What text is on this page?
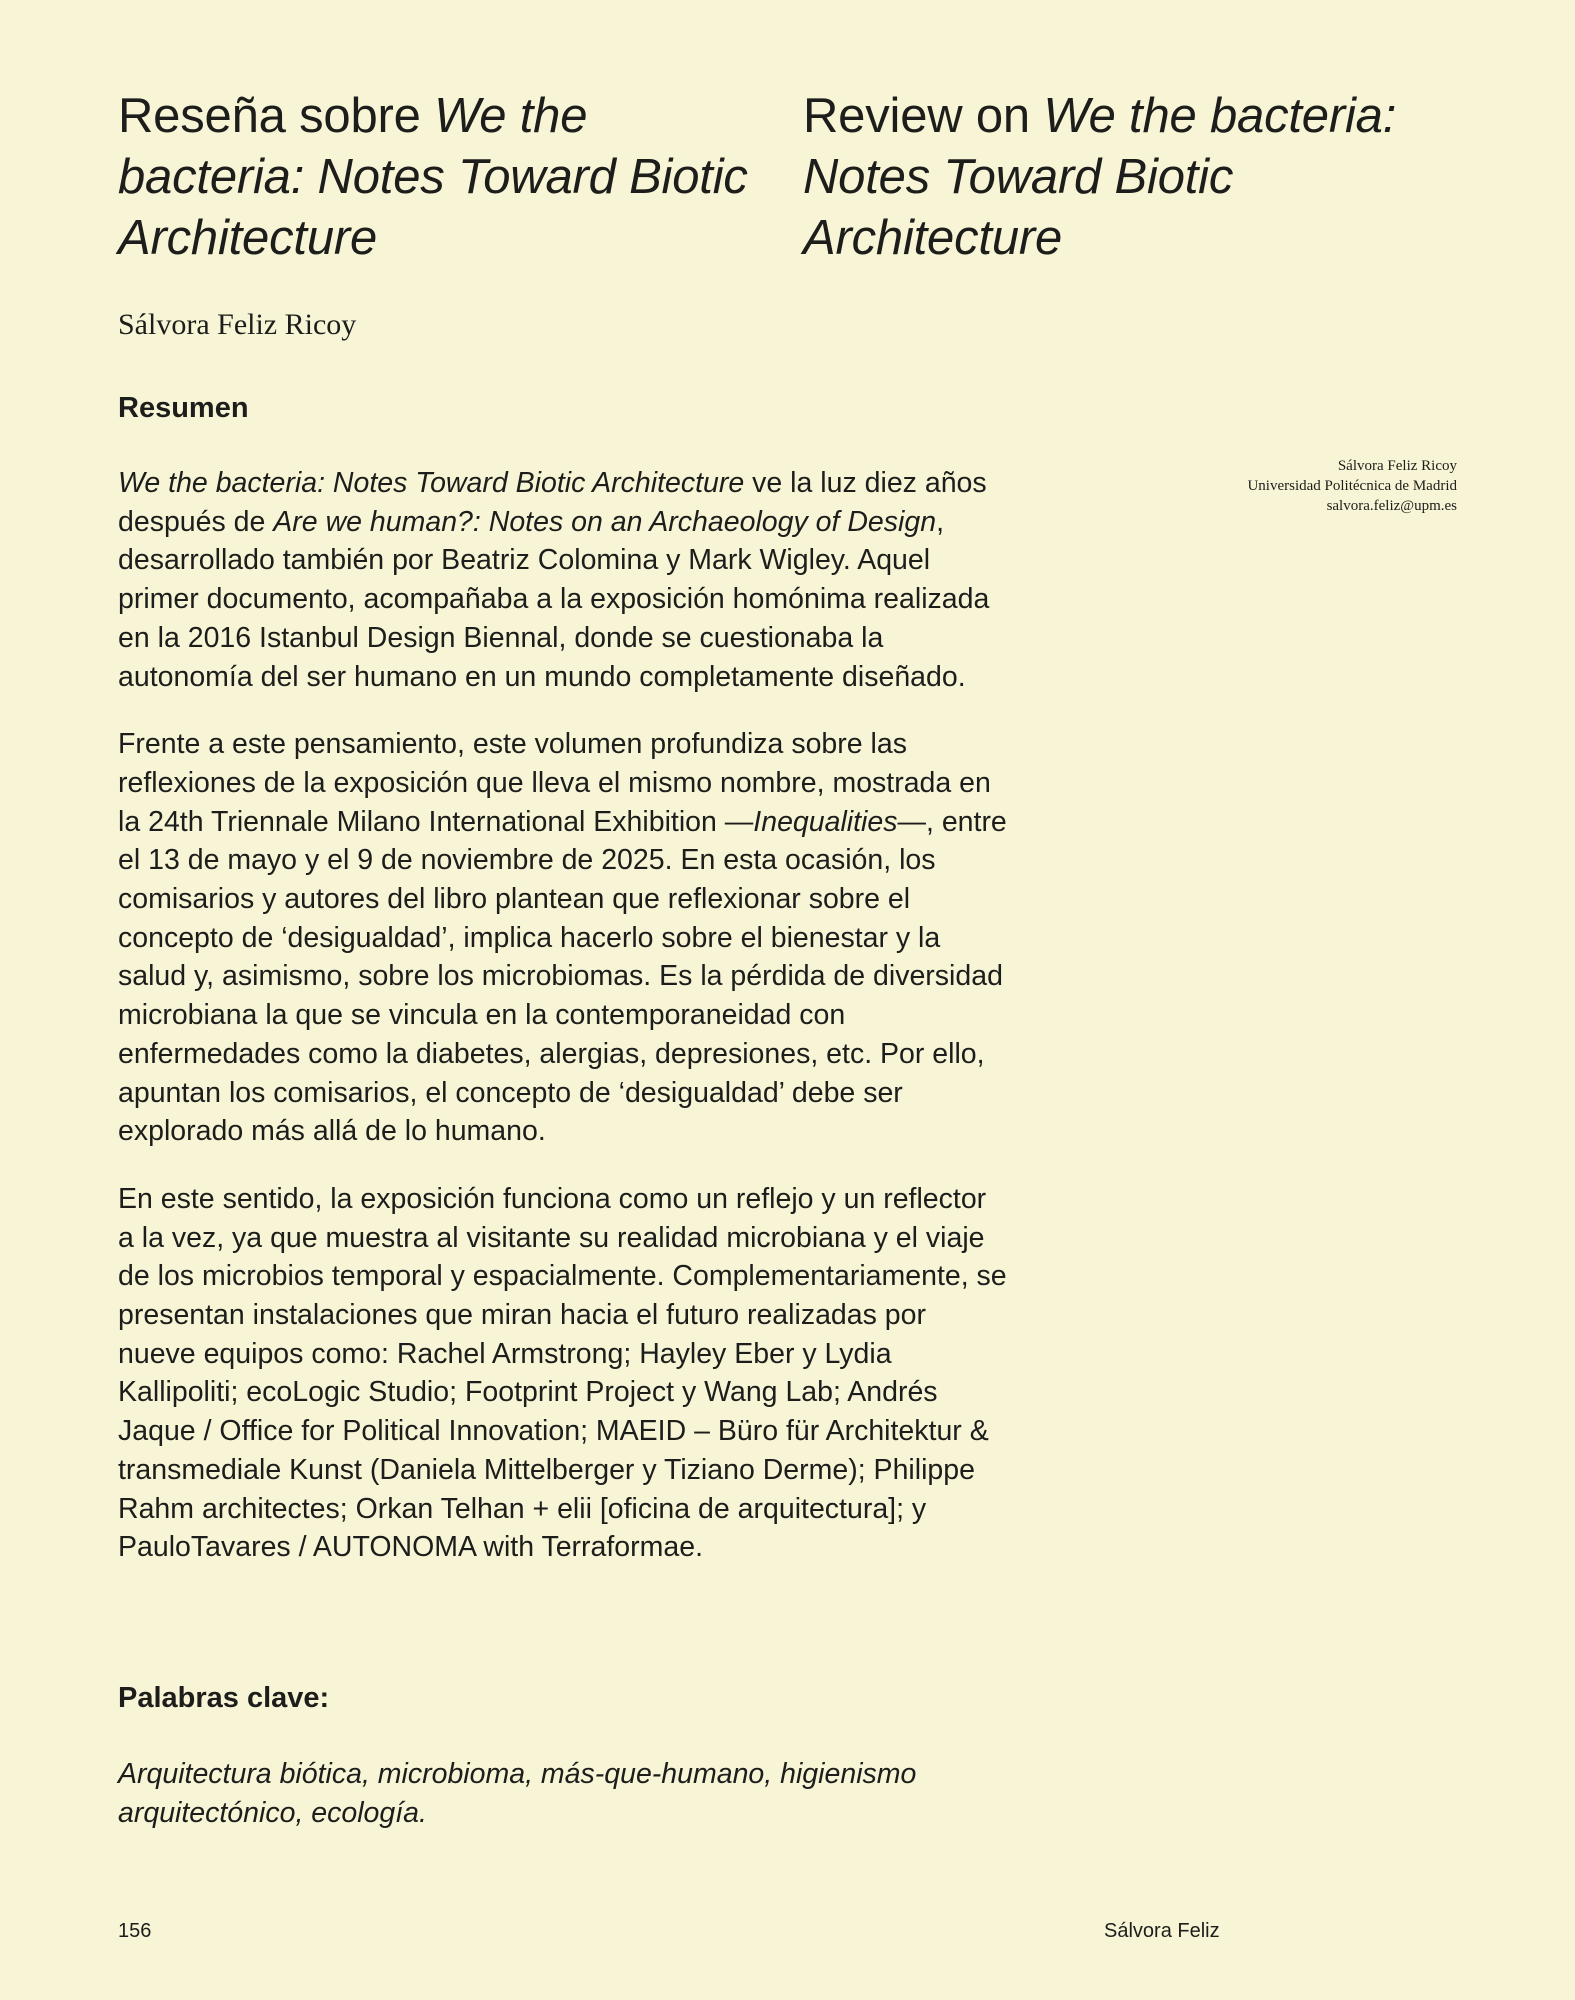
Reseña sobre We the bacteria: Notes Toward Biotic Architecture
Review on We the bacteria: Notes Toward Biotic Architecture
Sálvora Feliz Ricoy
Resumen
Sálvora Feliz Ricoy
Universidad Politécnica de Madrid
salvora.feliz@upm.es

We the bacteria: Notes Toward Biotic Architecture ve la luz diez años después de Are we human?: Notes on an Archaeology of Design, desarrollado también por Beatriz Colomina y Mark Wigley. Aquel primer documento, acompañaba a la exposición homónima realizada en la 2016 Istanbul Design Biennal, donde se cuestionaba la autonomía del ser humano en un mundo completamente diseñado.

Frente a este pensamiento, este volumen profundiza sobre las reflexiones de la exposición que lleva el mismo nombre, mostrada en la 24th Triennale Milano International Exhibition —Inequalities—, entre el 13 de mayo y el 9 de noviembre de 2025. En esta ocasión, los comisarios y autores del libro plantean que reflexionar sobre el concepto de ‘desigualdad’, implica hacerlo sobre el bienestar y la salud y, asimismo, sobre los microbiomas. Es la pérdida de diversidad microbiana la que se vincula en la contemporaneidad con enfermedades como la diabetes, alergias, depresiones, etc. Por ello, apuntan los comisarios, el concepto de ‘desigualdad’ debe ser explorado más allá de lo humano.

En este sentido, la exposición funciona como un reflejo y un reflector a la vez, ya que muestra al visitante su realidad microbiana y el viaje de los microbios temporal y espacialmente. Complementariamente, se presentan instalaciones que miran hacia el futuro realizadas por nueve equipos como: Rachel Armstrong; Hayley Eber y Lydia Kallipoliti; ecoLogic Studio; Footprint Project y Wang Lab; Andrés Jaque / Office for Political Innovation; MAEID – Büro für Architektur & transmediale Kunst (Daniela Mittelberger y Tiziano Derme); Philippe Rahm architectes; Orkan Telhan + elii [oficina de arquitectura]; y PauloTavares / AUTONOMA with Terraformae.

Palabras clave:
Arquitectura biótica, microbioma, más-que-humano, higienismo arquitectónico, ecología.
156	Sálvora Feliz
